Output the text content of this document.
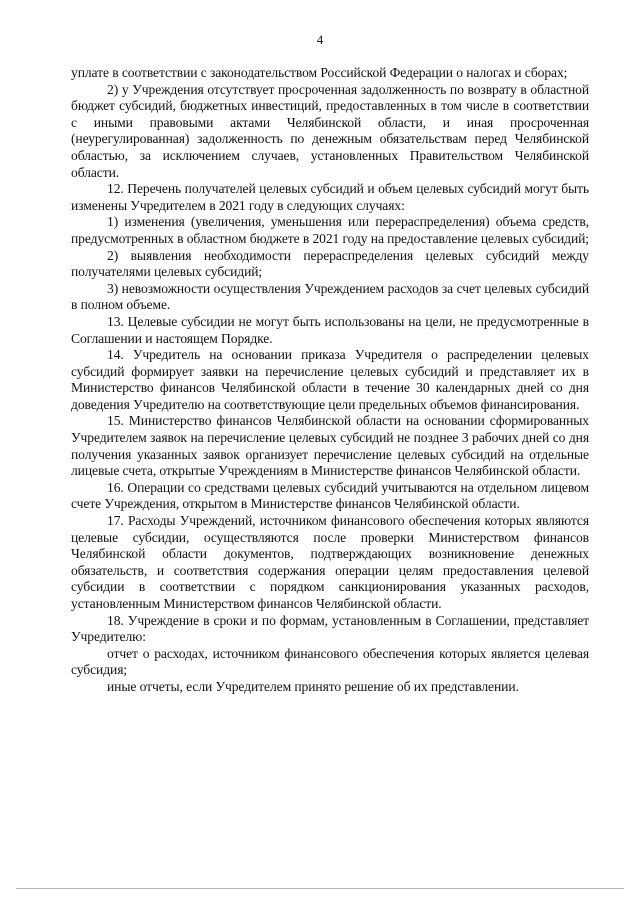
4

уплате в соответствии с законодательством Российской Федерации о налогах и сборах;

2) у Учреждения отсутствует просроченная задолженность по возврату в областной бюджет субсидий, бюджетных инвестиций, предоставленных в том числе в соответствии с иными правовыми актами Челябинской области, и иная просроченная (неурегулированная) задолженность по денежным обязательствам перед Челябинской областью, за исключением случаев, установленных Правительством Челябинской области.

12. Перечень получателей целевых субсидий и объем целевых субсидий могут быть изменены Учредителем в 2021 году в следующих случаях:

1) изменения (увеличения, уменьшения или перераспределения) объема средств, предусмотренных в областном бюджете в 2021 году на предоставление целевых субсидий;

2) выявления необходимости перераспределения целевых субсидий между получателями целевых субсидий;

3) невозможности осуществления Учреждением расходов за счет целевых субсидий в полном объеме.

13. Целевые субсидии не могут быть использованы на цели, не предусмотренные в Соглашении и настоящем Порядке.

14. Учредитель на основании приказа Учредителя о распределении целевых субсидий формирует заявки на перечисление целевых субсидий и представляет их в Министерство финансов Челябинской области в течение 30 календарных дней со дня доведения Учредителю на соответствующие цели предельных объемов финансирования.

15. Министерство финансов Челябинской области на основании сформированных Учредителем заявок на перечисление целевых субсидий не позднее 3 рабочих дней со дня получения указанных заявок организует перечисление целевых субсидий на отдельные лицевые счета, открытые Учреждениям в Министерстве финансов Челябинской области.

16. Операции со средствами целевых субсидий учитываются на отдельном лицевом счете Учреждения, открытом в Министерстве финансов Челябинской области.

17. Расходы Учреждений, источником финансового обеспечения которых являются целевые субсидии, осуществляются после проверки Министерством финансов Челябинской области документов, подтверждающих возникновение денежных обязательств, и соответствия содержания операции целям предоставления целевой субсидии в соответствии с порядком санкционирования указанных расходов, установленным Министерством финансов Челябинской области.

18. Учреждение в сроки и по формам, установленным в Соглашении, представляет Учредителю:

отчет о расходах, источником финансового обеспечения которых является целевая субсидия;

иные отчеты, если Учредителем принято решение об их представлении.
